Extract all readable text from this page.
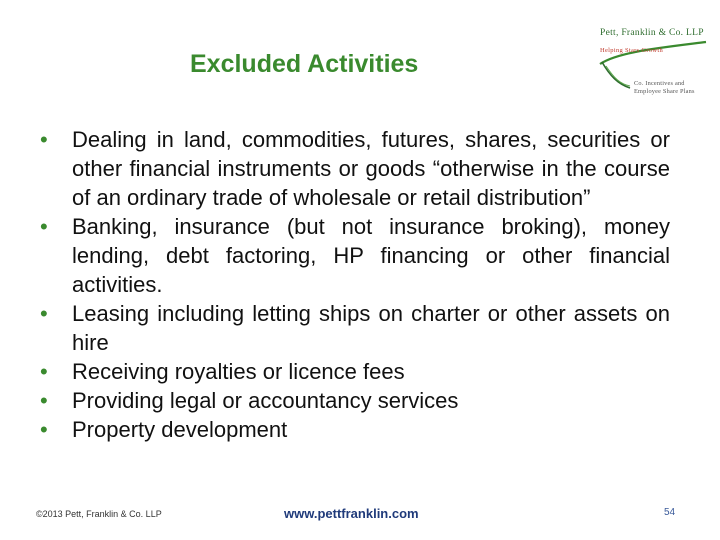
Excluded Activities
Pett, Franklin & Co. LLP
Helping Stars Growth
Co. Incentives and
Employee Share Plans
• Dealing in land, commodities, futures, shares, securities or other financial instruments or goods “otherwise in the course of an ordinary trade of wholesale or retail distribution”
• Banking, insurance (but not insurance broking), money lending, debt factoring, HP financing or other financial activities.
• Leasing including letting ships on charter or other assets on hire
• Receiving royalties or licence fees
• Providing legal or accountancy services
• Property development
©2013 Pett, Franklin & Co. LLP	www.pettfranklin.com	54
